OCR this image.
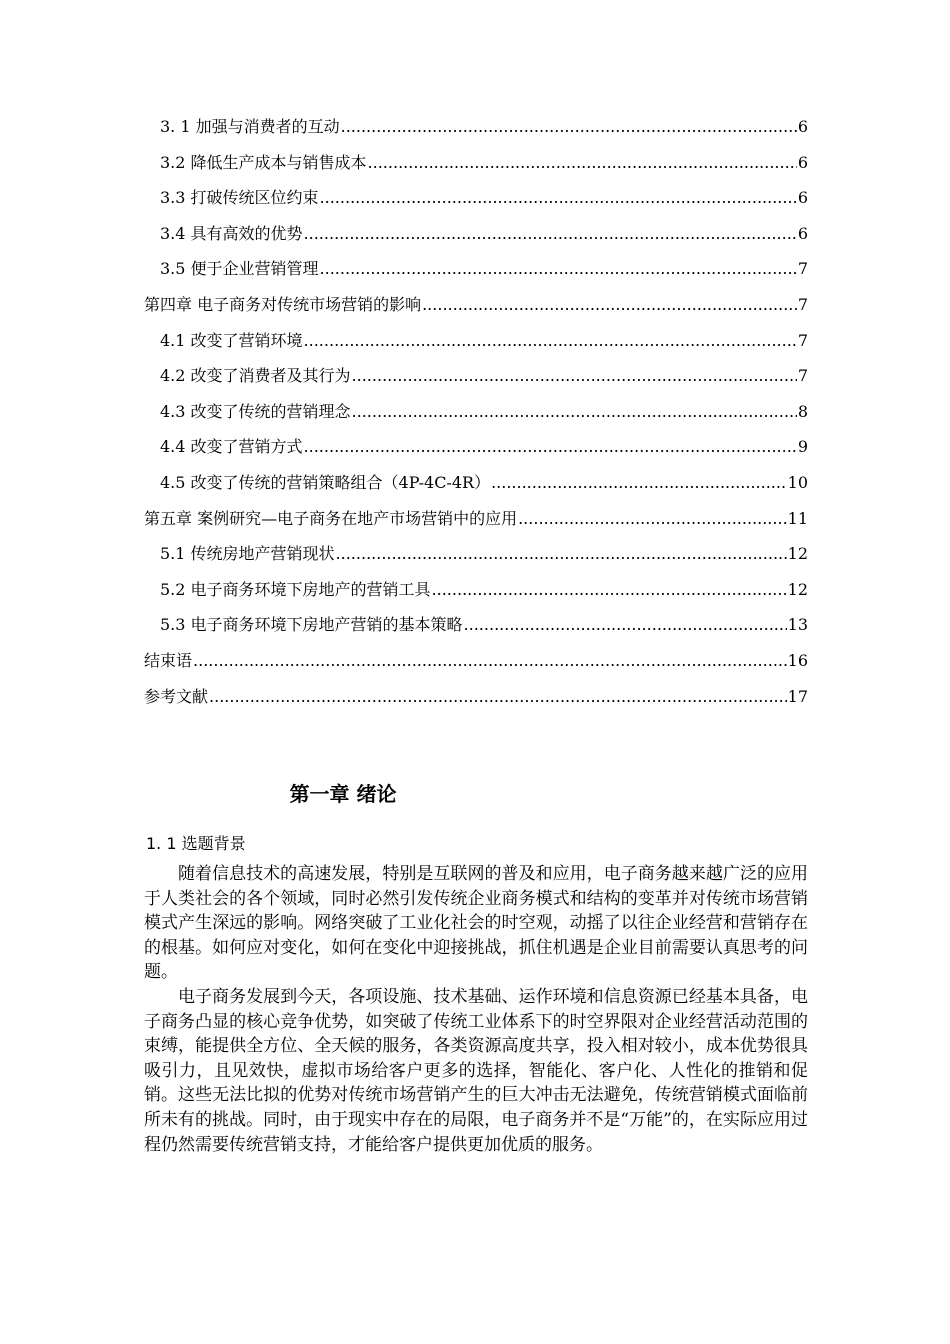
3. 1 加强与消费者的互动 .....	6
3.2 降低生产成本与销售成本 .....	6
3.3 打破传统区位约束 .....	6
3.4 具有高效的优势 .....	6
3.5 便于企业营销管理 .....	7
第四章 电子商务对传统市场营销的影响 .....	7
4.1 改变了营销环境 .....	7
4.2 改变了消费者及其行为 .....	7
4.3 改变了传统的营销理念 .....	8
4.4 改变了营销方式 .....	9
4.5 改变了传统的营销策略组合（4P-4C-4R） .....	10
第五章 案例研究—电子商务在地产市场营销中的应用 .....	11
5.1 传统房地产营销现状 .....	12
5.2 电子商务环境下房地产的营销工具 .....	12
5.3 电子商务环境下房地产营销的基本策略 .....	13
结束语 .....	16
参考文献 .....	17
第一章 绪论
1. 1 选题背景

随着信息技术的高速发展，特别是互联网的普及和应用，电子商务越来越广泛的应用于人类社会的各个领域，同时必然引发传统企业商务模式和结构的变革并对传统市场营销模式产生深远的影响。网络突破了工业化社会的时空观，动摇了以往企业经营和营销存在的根基。如何应对变化，如何在变化中迎接挑战，抓住机遇是企业目前需要认真思考的问题。

电子商务发展到今天，各项设施、技术基础、运作环境和信息资源已经基本具备，电子商务凸显的核心竞争优势，如突破了传统工业体系下的时空界限对企业经营活动范围的束缚，能提供全方位、全天候的服务，各类资源高度共享，投入相对较小，成本优势很具吸引力，且见效快，虚拟市场给客户更多的选择，智能化、客户化、人性化的推销和促销。这些无法比拟的优势对传统市场营销产生的巨大冲击无法避免，传统营销模式面临前所未有的挑战。同时，由于现实中存在的局限，电子商务并不是“万能”的，在实际应用过程仍然需要传统营销支持，才能给客户提供更加优质的服务。
